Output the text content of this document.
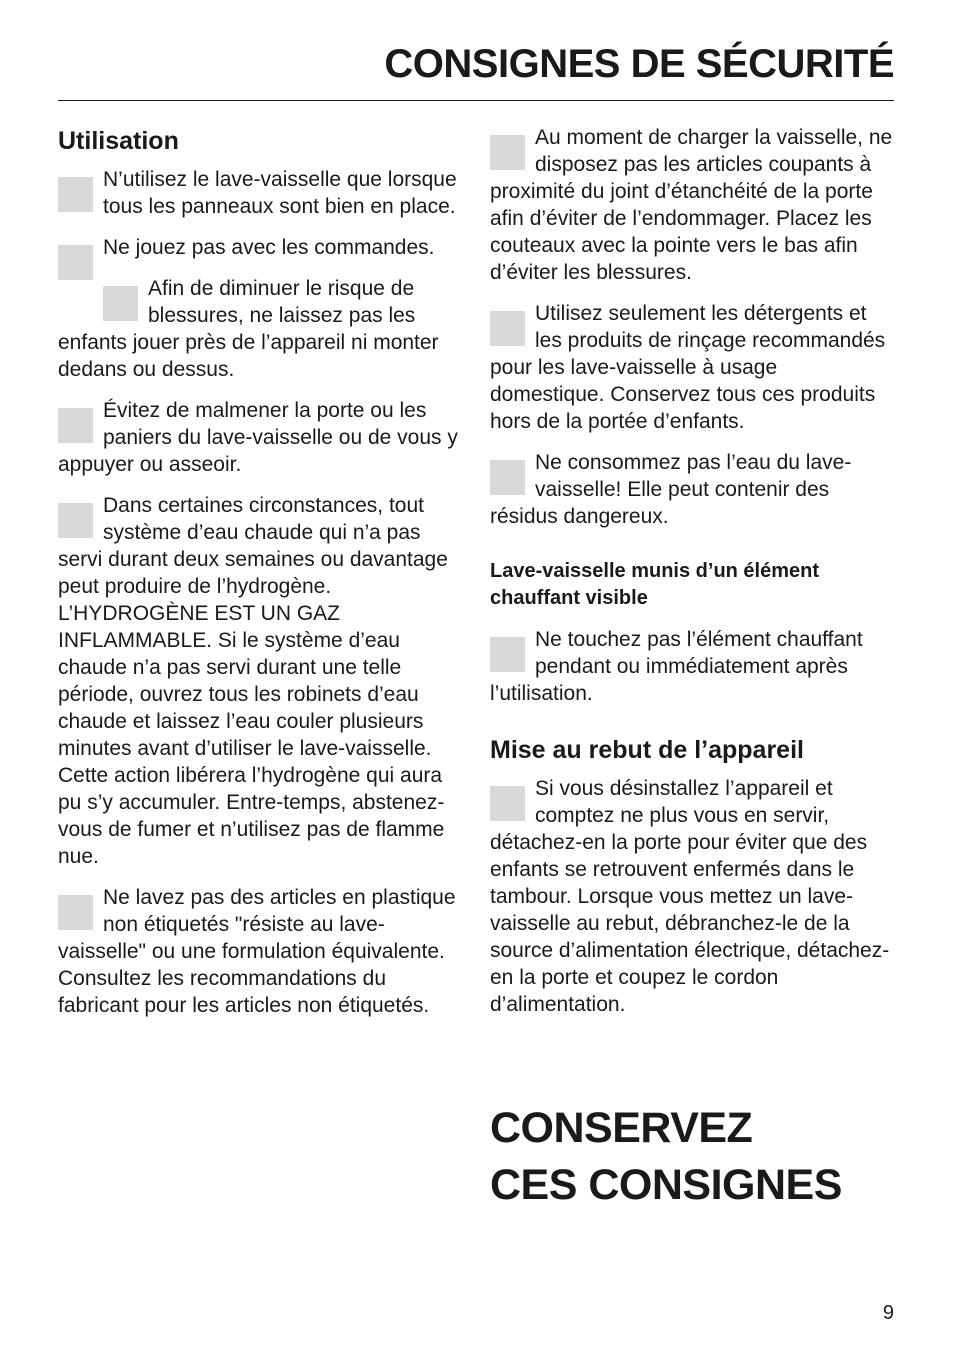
CONSIGNES DE SÉCURITÉ
Utilisation

N’utilisez le lave-vaisselle que lorsque tous les panneaux sont bien en place.

Ne jouez pas avec les commandes.

Afin de diminuer le risque de blessures, ne laissez pas les enfants jouer près de l’appareil ni monter dedans ou dessus.

Évitez de malmener la porte ou les paniers du lave-vaisselle ou de vous y appuyer ou asseoir.

Dans certaines circonstances, tout système d’eau chaude qui n’a pas servi durant deux semaines ou davantage peut produire de l’hydrogène. L’HYDROGÈNE EST UN GAZ INFLAMMABLE. Si le système d’eau chaude n’a pas servi durant une telle période, ouvrez tous les robinets d’eau chaude et laissez l’eau couler plusieurs minutes avant d’utiliser le lave-vaisselle. Cette action libérera l’hydrogène qui aura pu s’y accumuler. Entre-temps, abstenez-vous de fumer et n’utilisez pas de flamme nue.

Ne lavez pas des articles en plastique non étiquetés "résiste au lave-vaisselle" ou une formulation équivalente. Consultez les recommandations du fabricant pour les articles non étiquetés.

Au moment de charger la vaisselle, ne disposez pas les articles coupants à proximité du joint d’étanchéité de la porte afin d’éviter de l’endommager. Placez les couteaux avec la pointe vers le bas afin d’éviter les blessures.

Utilisez seulement les détergents et les produits de rinçage recommandés pour les lave-vaisselle à usage domestique. Conservez tous ces produits hors de la portée d’enfants.

Ne consommez pas l’eau du lave-vaisselle! Elle peut contenir des résidus dangereux.

Lave-vaisselle munis d’un élément chauffant visible

Ne touchez pas l’élément chauffant pendant ou immédiatement après l’utilisation.

Mise au rebut de l’appareil

Si vous désinstallez l’appareil et comptez ne plus vous en servir, détachez-en la porte pour éviter que des enfants se retrouvent enfermés dans le tambour. Lorsque vous mettez un lave-vaisselle au rebut, débranchez-le de la source d’alimentation électrique, détachez-en la porte et coupez le cordon d’alimentation.

CONSERVEZ
CES CONSIGNES
9
